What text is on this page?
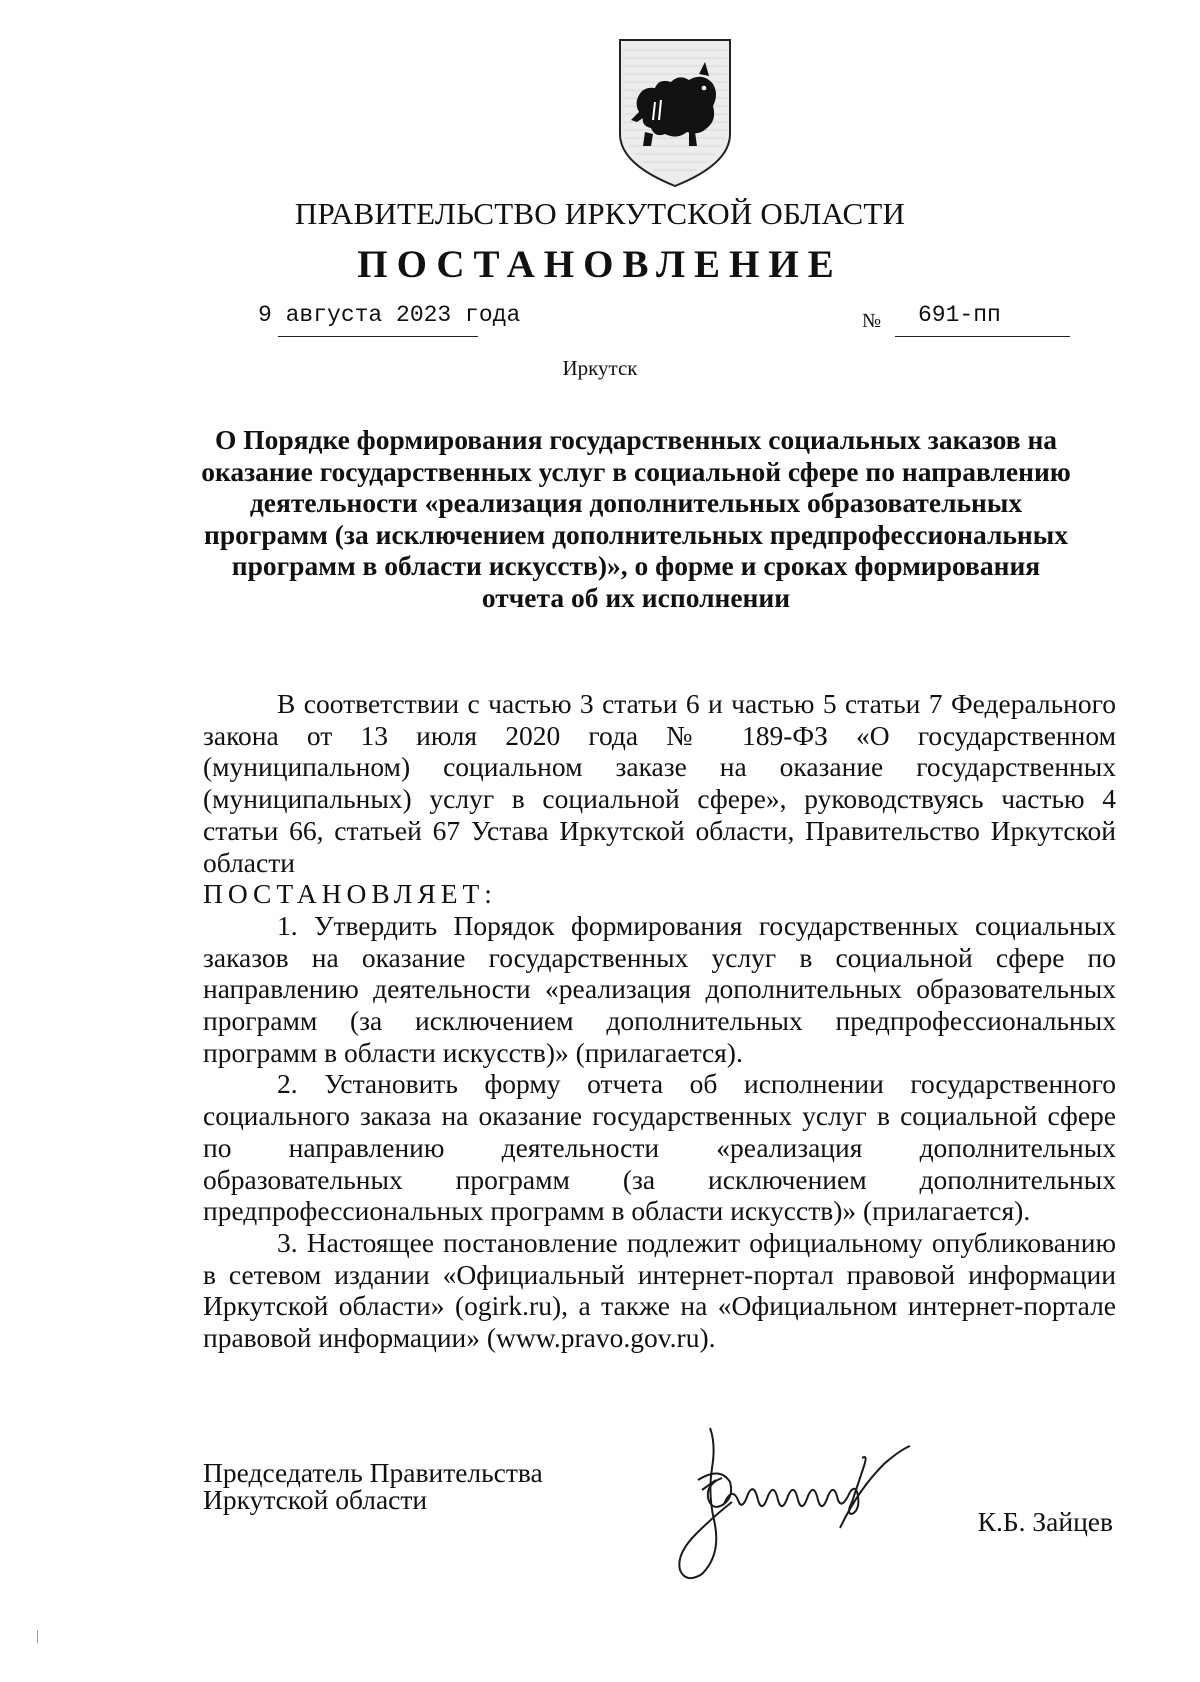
ПРАВИТЕЛЬСТВО ИРКУТСКОЙ ОБЛАСТИ
ПОСТАНОВЛЕНИЕ
9 августа 2023 года	№ 691-пп
Иркутск
О Порядке формирования государственных социальных заказов на оказание государственных услуг в социальной сфере по направлению деятельности «реализация дополнительных образовательных программ (за исключением дополнительных предпрофессиональных программ в области искусств)», о форме и сроках формирования отчета об их исполнении

В соответствии с частью 3 статьи 6 и частью 5 статьи 7 Федерального закона от 13 июля 2020 года № 189-ФЗ «О государственном (муниципальном) социальном заказе на оказание государственных (муниципальных) услуг в социальной сфере», руководствуясь частью 4 статьи 66, статьей 67 Устава Иркутской области, Правительство Иркутской области

ПОСТАНОВЛЯЕТ:

1. Утвердить Порядок формирования государственных социальных заказов на оказание государственных услуг в социальной сфере по направлению деятельности «реализация дополнительных образовательных программ (за исключением дополнительных предпрофессиональных программ в области искусств)» (прилагается).

2. Установить форму отчета об исполнении государственного социального заказа на оказание государственных услуг в социальной сфере по направлению деятельности «реализация дополнительных образовательных программ (за исключением дополнительных предпрофессиональных программ в области искусств)» (прилагается).

3. Настоящее постановление подлежит официальному опубликованию в сетевом издании «Официальный интернет-портал правовой информации Иркутской области» (ogirk.ru), а также на «Официальном интернет-портале правовой информации» (www.pravo.gov.ru).

Председатель Правительства
Иркутской области
К.Б. Зайцев
